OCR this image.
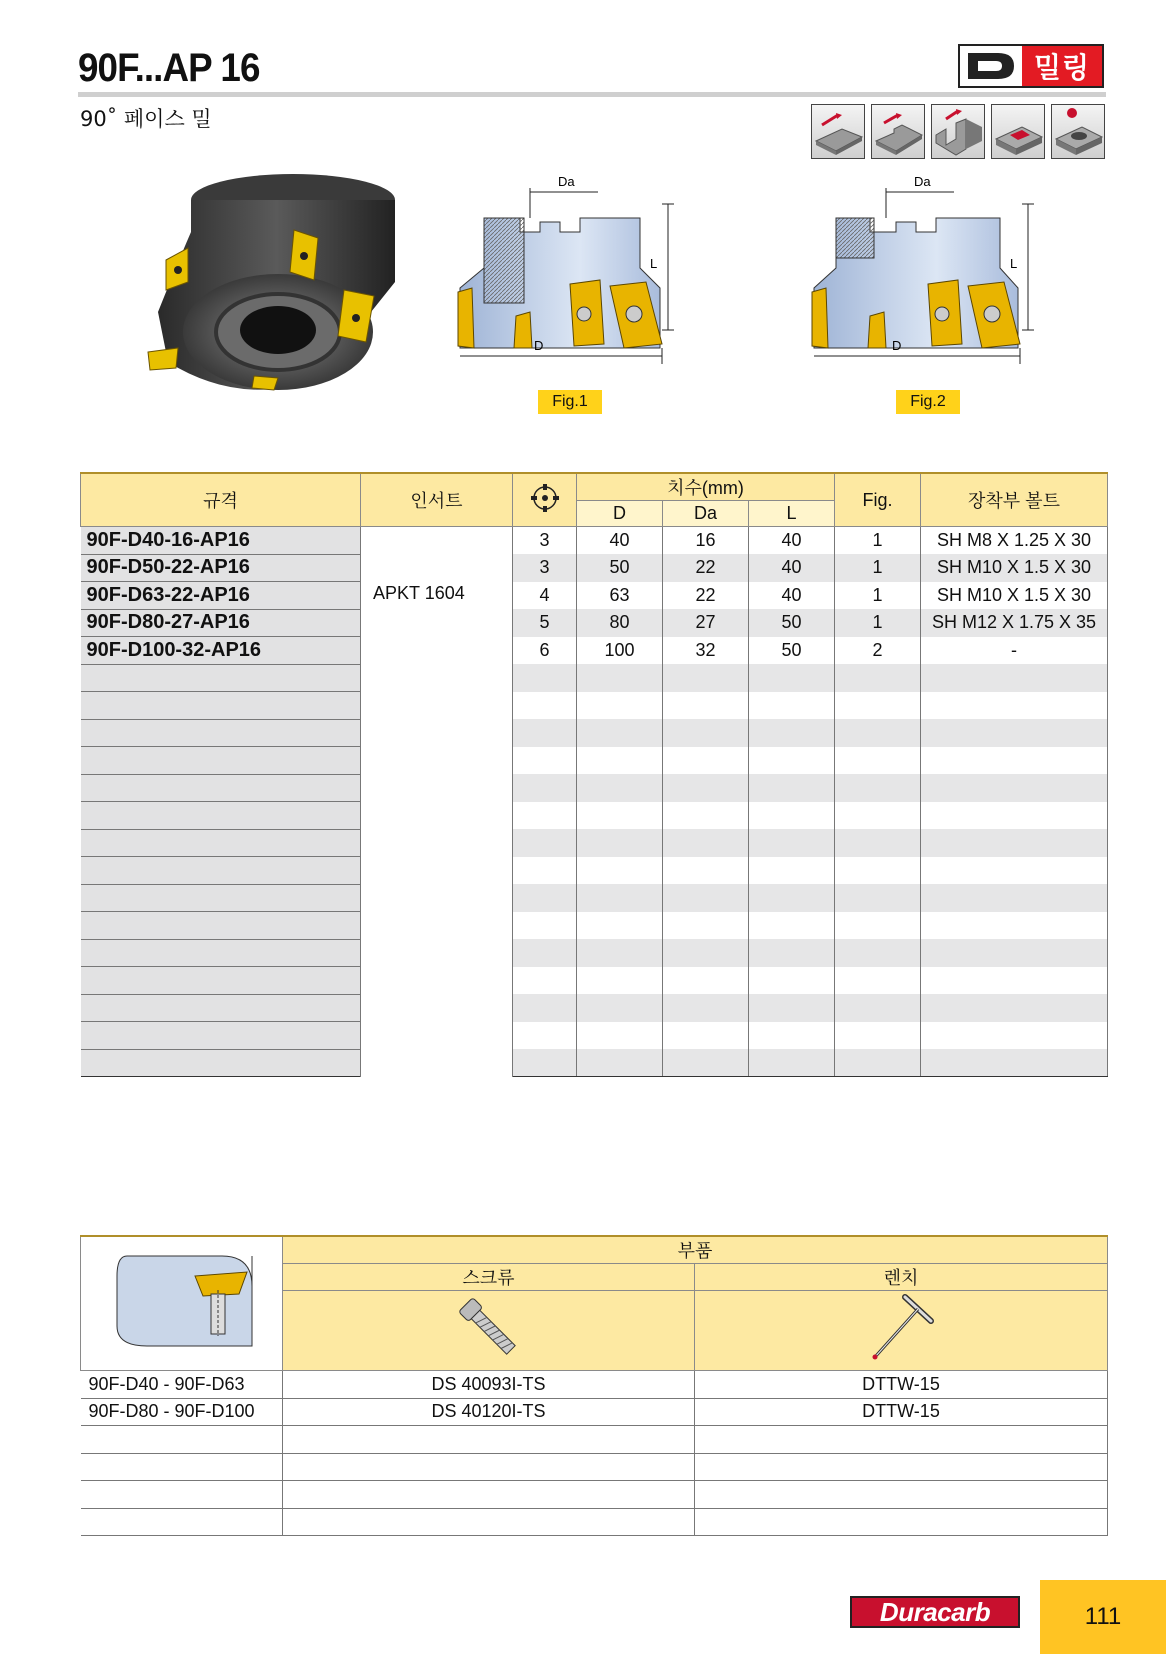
90F...AP 16
90˚ 페이스 밀
밀링
Da
L
D
Fig.1
Da
L
D
Fig.2
규격	인서트		치수(mm)			Fig.	장착부 볼트
			D	Da	L		
90F-D40-16-AP16	APKT 1604	3	40	16	40	1	SH M8 X 1.25 X 30
90F-D50-22-AP16		3	50	22	40	1	SH M10 X 1.5 X 30
90F-D63-22-AP16		4	63	22	40	1	SH M10 X 1.5 X 30
90F-D80-27-AP16		5	80	27	50	1	SH M12 X 1.75 X 35
90F-D100-32-AP16		6	100	32	50	2	-

	부품	
	스크류	렌치

90F-D40 - 90F-D63	DS 40093I-TS	DTTW-15
90F-D80 - 90F-D100	DS 40120I-TS	DTTW-15

Duracarb	111
